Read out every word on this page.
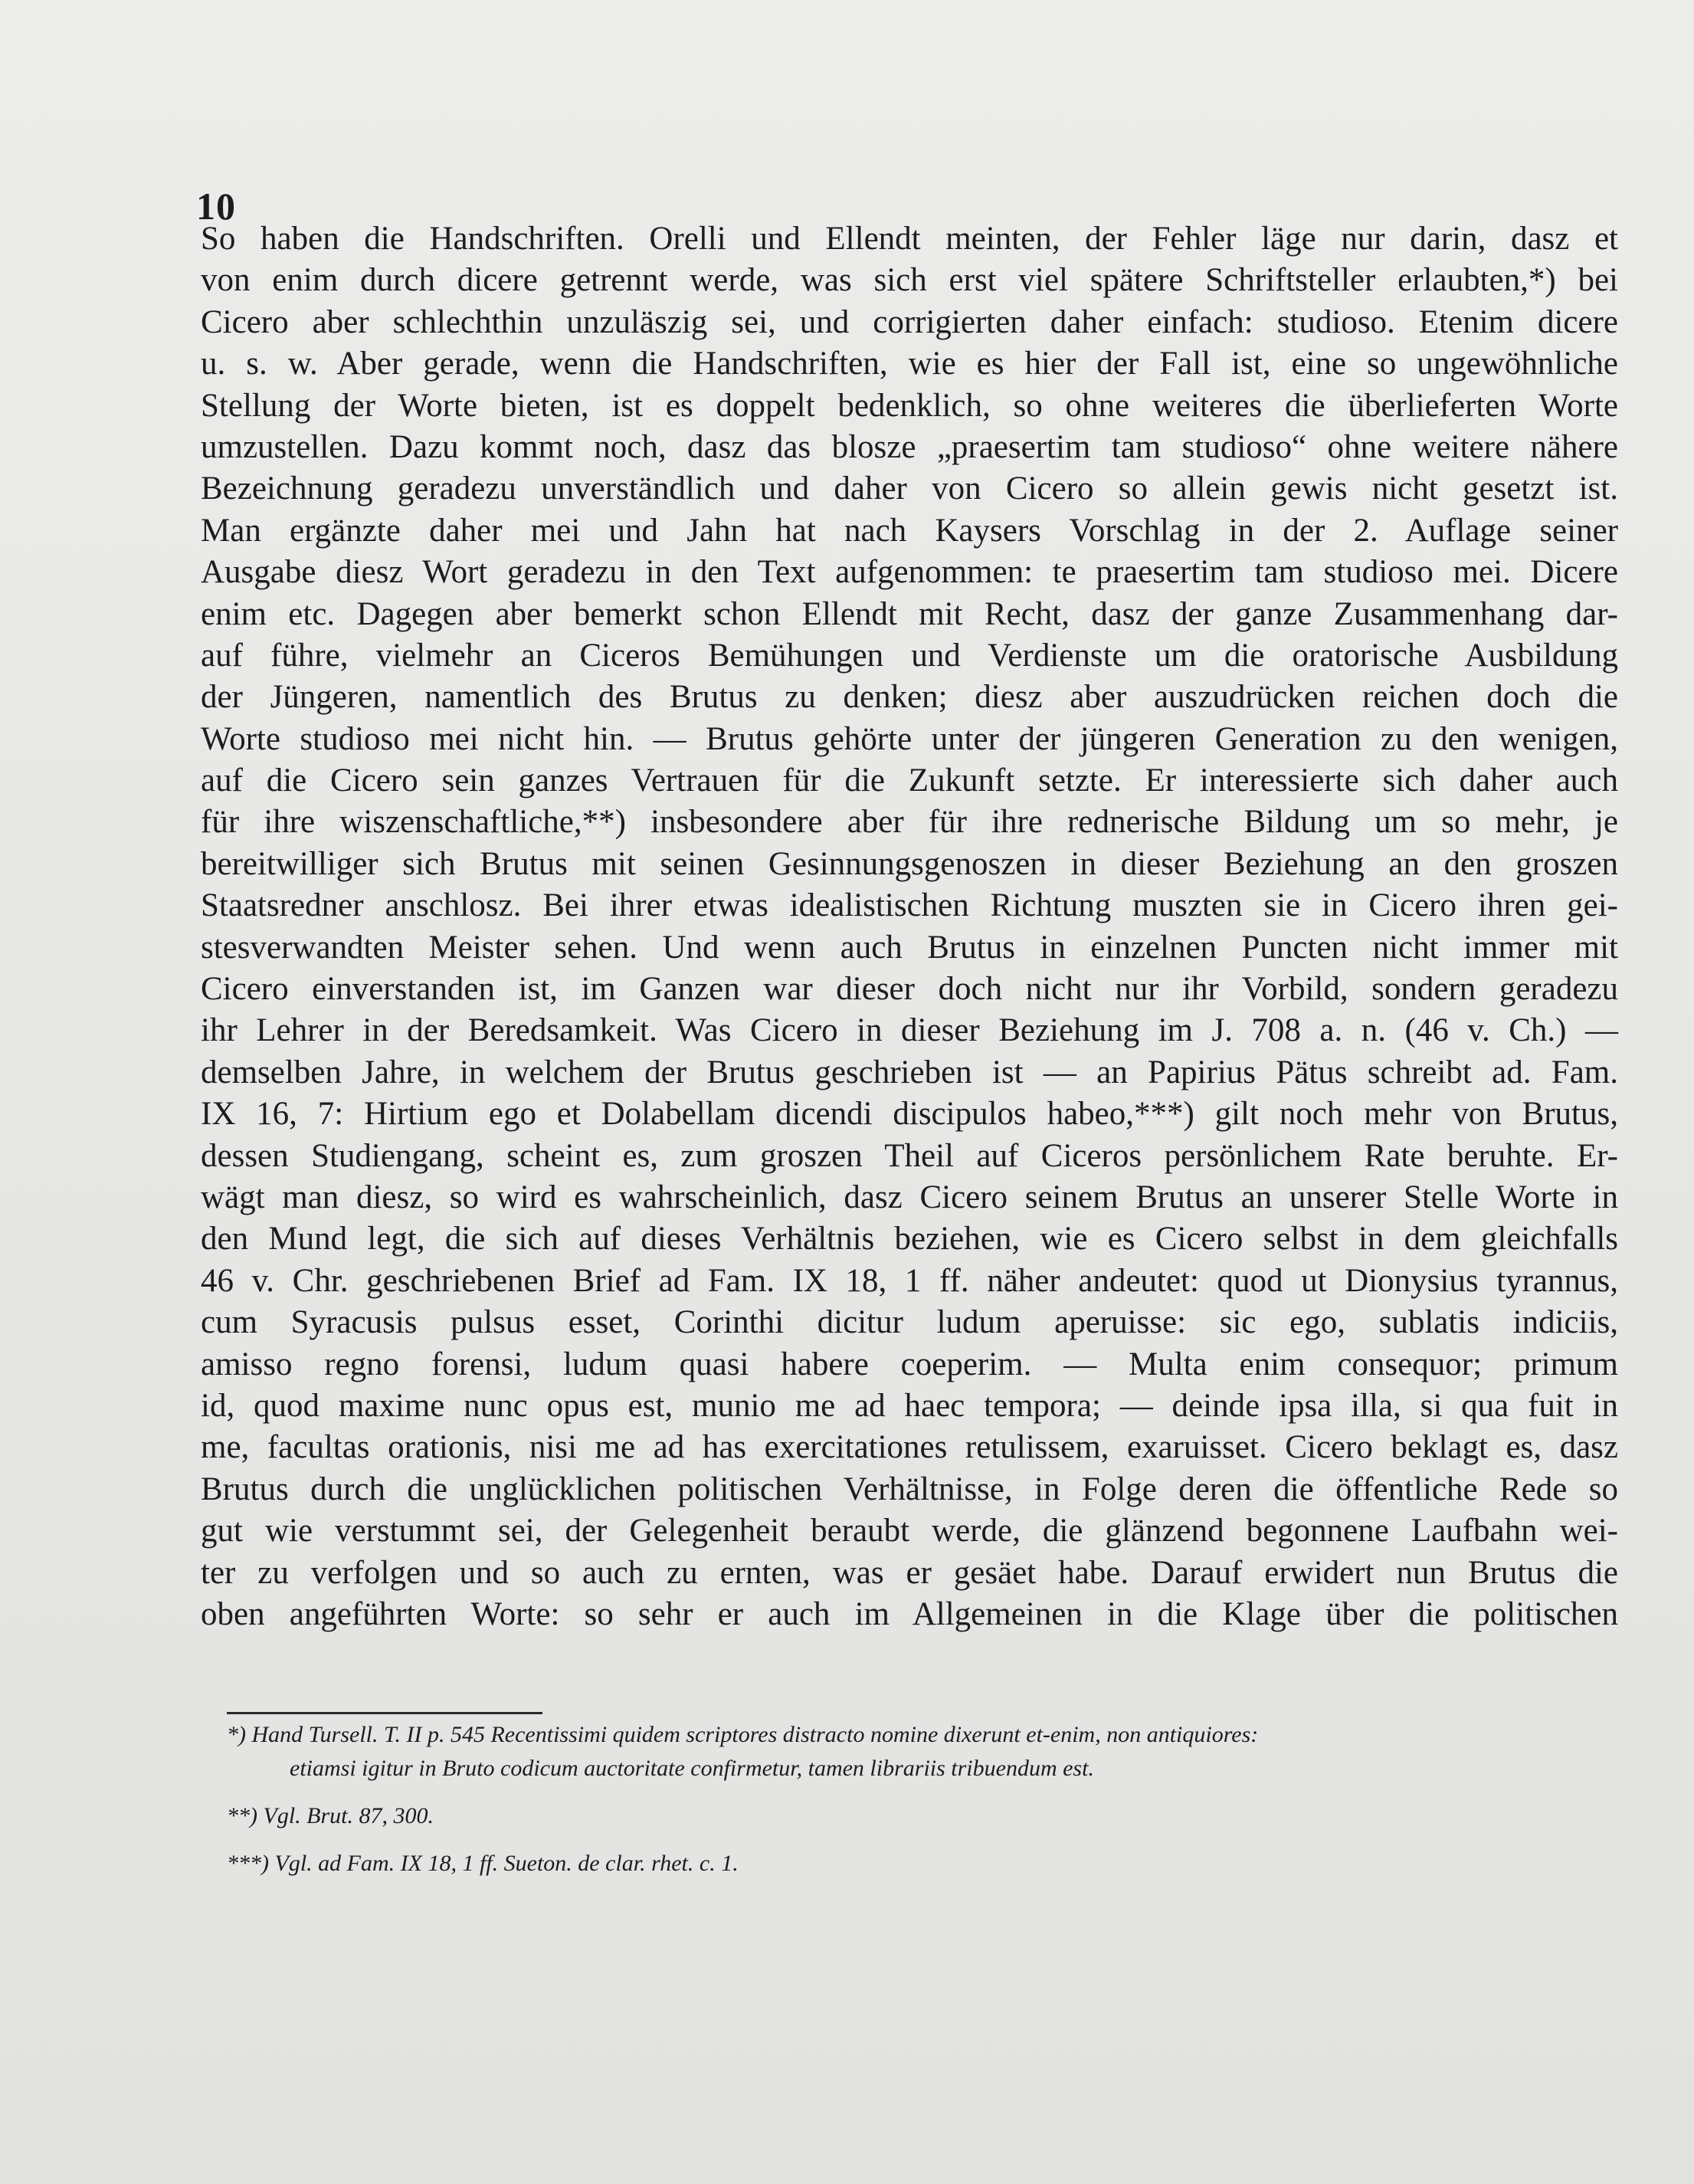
10
So haben die Handschriften. Orelli und Ellendt meinten, der Fehler läge nur darin, dasz et
von enim durch dicere getrennt werde, was sich erst viel spätere Schriftsteller erlaubten,*) bei
Cicero aber schlechthin unzuläszig sei, und corrigierten daher einfach: studioso. Etenim dicere
u. s. w. Aber gerade, wenn die Handschriften, wie es hier der Fall ist, eine so ungewöhnliche
Stellung der Worte bieten, ist es doppelt bedenklich, so ohne weiteres die überlieferten Worte
umzustellen. Dazu kommt noch, dasz das blosze „praesertim tam studioso“ ohne weitere nähere
Bezeichnung geradezu unverständlich und daher von Cicero so allein gewis nicht gesetzt ist.
Man ergänzte daher mei und Jahn hat nach Kaysers Vorschlag in der 2. Auflage seiner
Ausgabe diesz Wort geradezu in den Text aufgenommen: te praesertim tam studioso mei. Dicere
enim etc. Dagegen aber bemerkt schon Ellendt mit Recht, dasz der ganze Zusammenhang dar-
auf führe, vielmehr an Ciceros Bemühungen und Verdienste um die oratorische Ausbildung
der Jüngeren, namentlich des Brutus zu denken; diesz aber auszudrücken reichen doch die
Worte studioso mei nicht hin. — Brutus gehörte unter der jüngeren Generation zu den wenigen,
auf die Cicero sein ganzes Vertrauen für die Zukunft setzte. Er interessierte sich daher auch
für ihre wiszenschaftliche,**) insbesondere aber für ihre rednerische Bildung um so mehr, je
bereitwilliger sich Brutus mit seinen Gesinnungsgenoszen in dieser Beziehung an den groszen
Staatsredner anschlosz. Bei ihrer etwas idealistischen Richtung muszten sie in Cicero ihren gei-
stesverwandten Meister sehen. Und wenn auch Brutus in einzelnen Puncten nicht immer mit
Cicero einverstanden ist, im Ganzen war dieser doch nicht nur ihr Vorbild, sondern geradezu
ihr Lehrer in der Beredsamkeit. Was Cicero in dieser Beziehung im J. 708 a. n. (46 v. Ch.) —
demselben Jahre, in welchem der Brutus geschrieben ist — an Papirius Pätus schreibt ad. Fam.
IX 16, 7: Hirtium ego et Dolabellam dicendi discipulos habeo,***) gilt noch mehr von Brutus,
dessen Studiengang, scheint es, zum groszen Theil auf Ciceros persönlichem Rate beruhte. Er-
wägt man diesz, so wird es wahrscheinlich, dasz Cicero seinem Brutus an unserer Stelle Worte in
den Mund legt, die sich auf dieses Verhältnis beziehen, wie es Cicero selbst in dem gleichfalls
46 v. Chr. geschriebenen Brief ad Fam. IX 18, 1 ff. näher andeutet: quod ut Dionysius tyrannus,
cum Syracusis pulsus esset, Corinthi dicitur ludum aperuisse: sic ego, sublatis indiciis,
amisso regno forensi, ludum quasi habere coeperim. — Multa enim consequor; primum
id, quod maxime nunc opus est, munio me ad haec tempora; — deinde ipsa illa, si qua fuit in
me, facultas orationis, nisi me ad has exercitationes retulissem, exaruisset. Cicero beklagt es, dasz
Brutus durch die unglücklichen politischen Verhältnisse, in Folge deren die öffentliche Rede so
gut wie verstummt sei, der Gelegenheit beraubt werde, die glänzend begonnene Laufbahn wei-
ter zu verfolgen und so auch zu ernten, was er gesäet habe. Darauf erwidert nun Brutus die
oben angeführten Worte: so sehr er auch im Allgemeinen in die Klage über die politischen
*) Hand Tursell. T. II p. 545 Recentissimi quidem scriptores distracto nomine dixerunt et-enim, non antiquiores:
etiamsi igitur in Bruto codicum auctoritate confirmetur, tamen librariis tribuendum est.
**) Vgl. Brut. 87, 300.
***) Vgl. ad Fam. IX 18, 1 ff. Sueton. de clar. rhet. c. 1.
